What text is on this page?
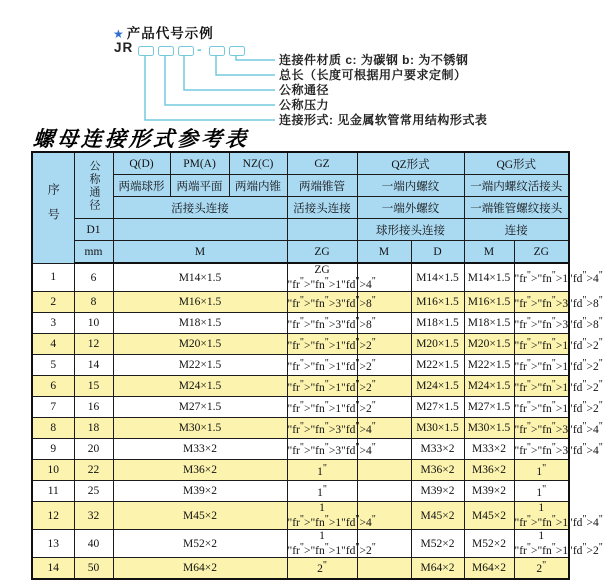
★ 产品代号示例
JR	-
连接件材质 c: 为碳钢 b: 为不锈钢
总长（长度可根据用户要求定制）
公称通径
公称压力
连接形式: 见金属软管常用结构形式表
螺母连接形式参考表
序号	公称通径	Q(D)	PM(A)	NZ(C)	GZ	QZ形式		QG形式	
		两端球形	两端平面	两端内锥	两端锥管	一端内螺纹		一端内螺纹活接头	
		活接头连接			活接头连接	一端外螺纹		一端锥管螺纹接头	
	D1					球形接头连接		连接	
	mm	M			ZG	M	D	M	ZG
1	6	M14×1.5			ZG "fr">"fn">1"fd">4"		M14×1.5	M14×1.5	"fr">"fn">1"fd">4"
2	8	M16×1.5			"fr">"fn">3"fd" "		M16×1.5	M16×1.5	"fr">"fn">3"fd">8"
3	10	M18×1.5			"fr">"fn">3"fd">8"		M18×1.5	M18×1.5	"fr">"fn">3"fd">8"
4	12	M20×1.5			"fr">"fn">1"fd" "		M20×1.5	M20×1.5	"fr">"fn">1"fd">2"
5	14	M22×1.5			"fr">"fn">1"fd">2"		M22×1.5	M22×1.5	"fr">"fn">1"fd">2"
6	15	M24×1.5			"fr">"fn">1"fd" "		M24×1.5	M24×1.5	"fr">"fn">1"fd">2"
7	16	M27×1.5			"fr">"fn">1"fd">2"		M27×1.5	M27×1.5	"fr">"fn">1"fd">2"
8	18	M30×1.5			"fr">"fn">3"fd" "		M30×1.5	M30×1.5	"fr">"fn">3"fd">4"
9	20	M33×2			"fr">"fn">3"fd">4"		M33×2	M33×2	"fr">"fn">3"fd">4"
10	22	M36×2			1"		M36×2	M36×2	1"
11	25	M39×2			1"		M39×2	M39×2	1"
12	32	M45×2			1 "fr">"fn">1"fd" "		M45×2	M45×2	1 "fr">"fn">1"fd">4"
13	40	M52×2			1 "fr">"fn">1"fd">2"		M52×2	M52×2	1 "fr">"fn">1"fd">2"
14	50	M64×2			2"		M64×2	M64×2	2"
